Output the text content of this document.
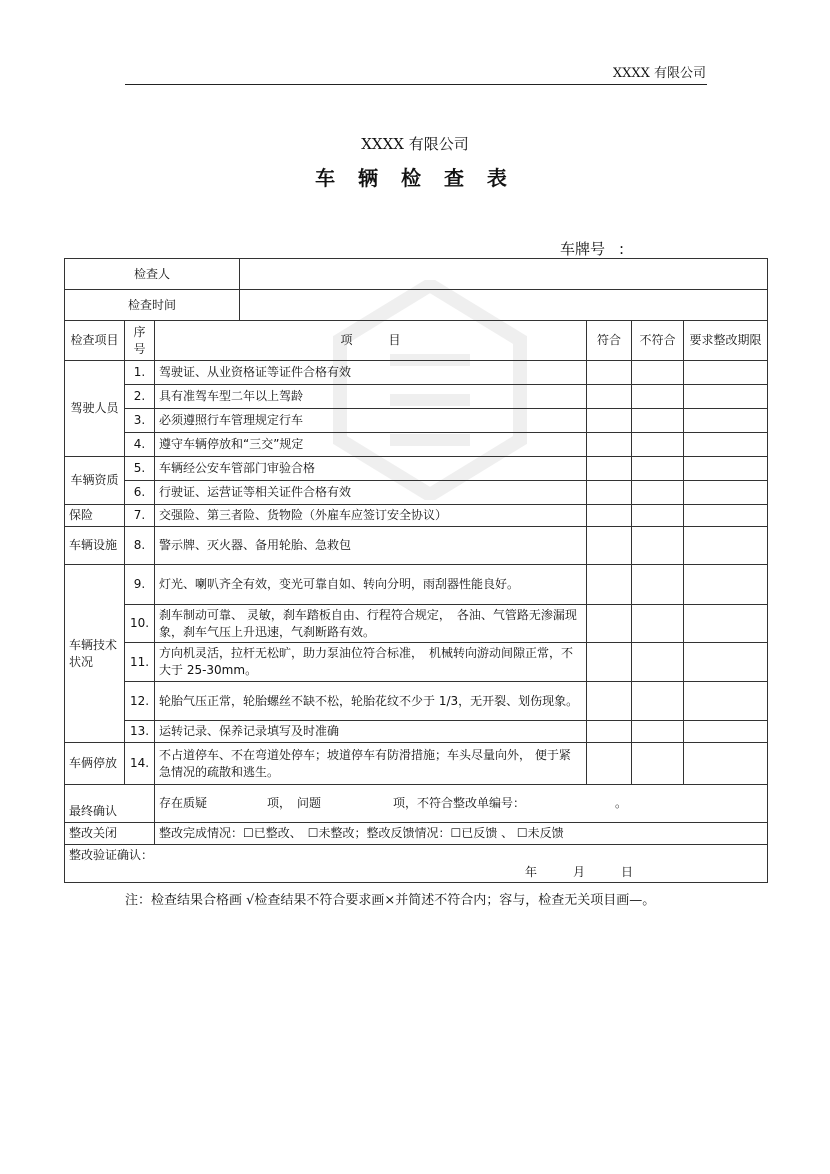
XXXX 有限公司
XXXX 有限公司
车 辆 检 查 表
车牌号 :
检查人						
检查时间						
检查项目	序号	项　　　目		符合	不符合	要求整改期限
驾驶人员	1.	驾驶证、从业资格证等证件合格有效				
	2.	具有准驾车型二年以上驾龄				
	3.	必须遵照行车管理规定行车				
	4.	遵守车辆停放和“三交”规定				
车辆资质	5.	车辆经公安车管部门审验合格				
	6.	行驶证、运营证等相关证件合格有效				
保险	7.	交强险、第三者险、货物险（外雇车应签订安全协议）				
车辆设施	8.	警示牌、灭火器、备用轮胎、急救包				
车辆技术状况	9.	灯光、喇叭齐全有效，变光可靠自如、转向分明，雨刮器性能良好。				
	10.	刹车制动可靠、 灵敏，刹车踏板自由、行程符合规定，　各油、气管路无渗漏现象，刹车气压上升迅速，气刹断路有效。				
	11.	方向机灵活，拉杆无松旷，助力泵油位符合标准，　机械转向游动间隙正常，不大于 25-30mm。				
	12.	轮胎气压正常，轮胎螺丝不缺不松，轮胎花纹不少于 1/3，无开裂、划伤现象。				
	13.	运转记录、保养记录填写及时准确				
车俩停放	14.	不占道停车、不在弯道处停车；坡道停车有防滑措施；车头尽量向外， 便于紧急情况的疏散和逃生。				
最终确认		存在质疑　　　　　项，　问题　　　　　　项，不符合整改单编号：　　　　　　　　。				
整改关闭		整改完成情况：☐已整改、　☐未整改；整改反馈情况：☐已反馈 、 ☐未反馈				

整改验证确认：
年　　　月　　　日						
注：检查结果合格画 √检查结果不符合要求画×并简述不符合内；容与，检查无关项目画—。
